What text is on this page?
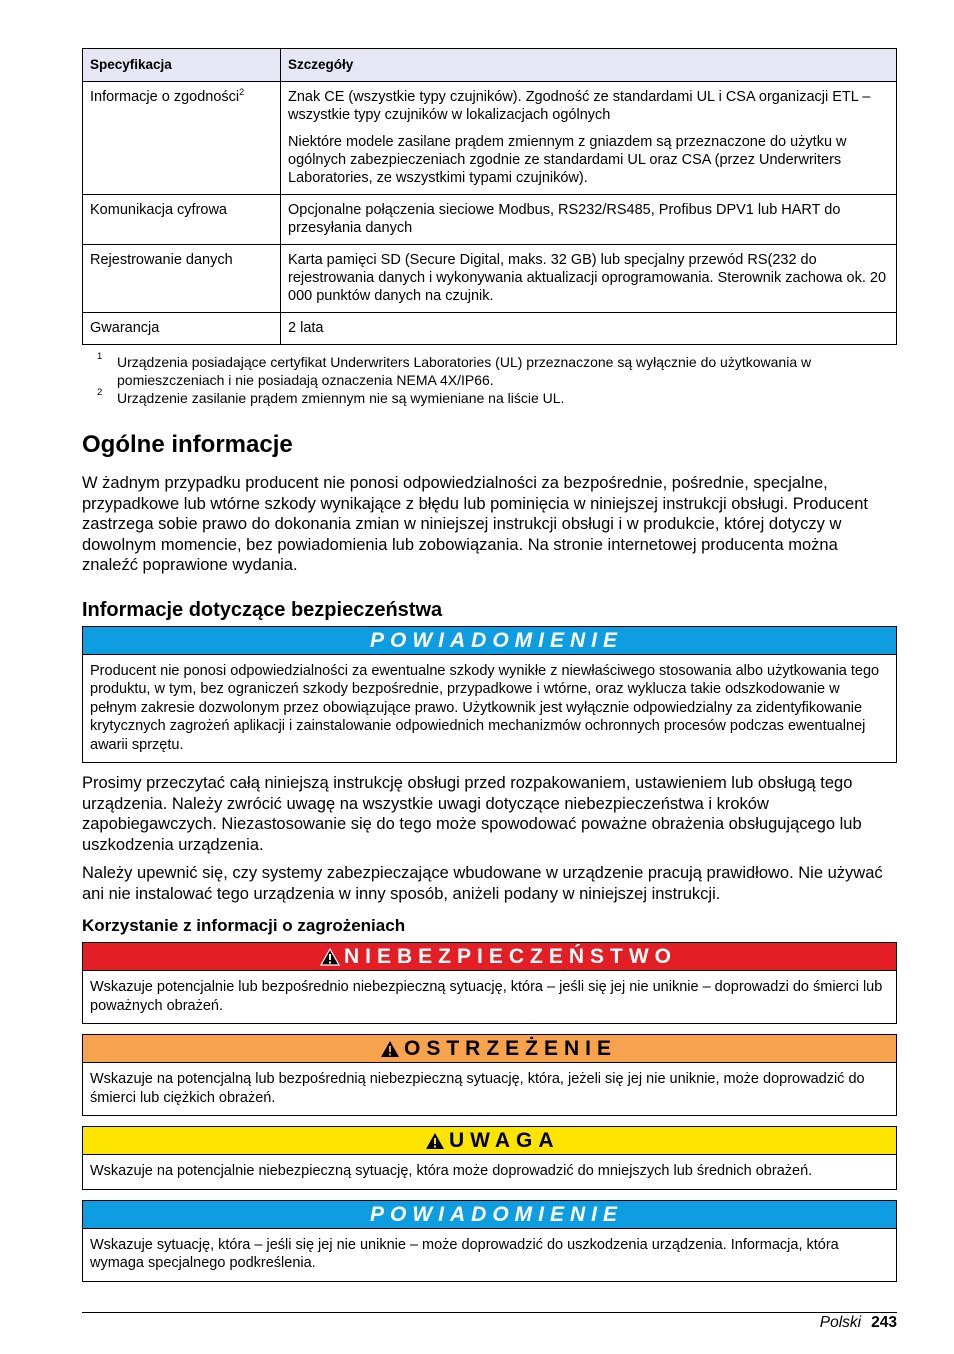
Specyfikacja	Szczegóły
Informacje o zgodności$^2$	Znak CE (wszystkie typy czujników). Zgodność ze standardami UL i CSA organizacji ETL – wszystkie typy czujników w lokalizacjach ogólnych

Niektóre modele zasilane prądem zmiennym z gniazdem są przeznaczone do użytku w ogólnych zabezpieczeniach zgodnie ze standardami UL oraz CSA (przez Underwriters Laboratories, ze wszystkimi typami czujników).

Komunikacja cyfrowa	Opcjonalne połączenia sieciowe Modbus, RS232/RS485, Profibus DPV1 lub HART do przesyłania danych

Rejestrowanie danych	Karta pamięci SD (Secure Digital, maks. 32 GB) lub specjalny przewód RS(232 do rejestrowania danych i wykonywania aktualizacji oprogramowania. Sterownik zachowa ok. 20 000 punktów danych na czujnik.

Gwarancja	2 lata

1 Urządzenia posiadające certyfikat Underwriters Laboratories (UL) przeznaczone są wyłącznie do użytkowania w pomieszczeniach i nie posiadają oznaczenia NEMA 4X/IP66.
2 Urządzenie zasilanie prądem zmiennym nie są wymieniane na liście UL.
Ogólne informacje

W żadnym przypadku producent nie ponosi odpowiedzialności za bezpośrednie, pośrednie, specjalne, przypadkowe lub wtórne szkody wynikające z błędu lub pominięcia w niniejszej instrukcji obsługi. Producent zastrzega sobie prawo do dokonania zmian w niniejszej instrukcji obsługi i w produkcie, której dotyczy w dowolnym momencie, bez powiadomienia lub zobowiązania. Na stronie internetowej producenta można znaleźć poprawione wydania.

Informacje dotyczące bezpieczeństwa
POWIADOMIENIE
Producent nie ponosi odpowiedzialności za ewentualne szkody wynikłe z niewłaściwego stosowania albo użytkowania tego produktu, w tym, bez ograniczeń szkody bezpośrednie, przypadkowe i wtórne, oraz wyklucza takie odszkodowanie w pełnym zakresie dozwolonym przez obowiązujące prawo. Użytkownik jest wyłącznie odpowiedzialny za zidentyfikowanie krytycznych zagrożeń aplikacji i zainstalowanie odpowiednich mechanizmów ochronnych procesów podczas ewentualnej awarii sprzętu.

Prosimy przeczytać całą niniejszą instrukcję obsługi przed rozpakowaniem, ustawieniem lub obsługą tego urządzenia. Należy zwrócić uwagę na wszystkie uwagi dotyczące niebezpieczeństwa i kroków zapobiegawczych. Niezastosowanie się do tego może spowodować poważne obrażenia obsługującego lub uszkodzenia urządzenia.

Należy upewnić się, czy systemy zabezpieczające wbudowane w urządzenie pracują prawidłowo. Nie używać ani nie instalować tego urządzenia w inny sposób, aniżeli podany w niniejszej instrukcji.

Korzystanie z informacji o zagrożeniach
NIEBEZPIECZEŃSTWO
Wskazuje potencjalnie lub bezpośrednio niebezpieczną sytuację, która – jeśli się jej nie uniknie – doprowadzi do śmierci lub poważnych obrażeń.
OSTRZEŻENIE
Wskazuje na potencjalną lub bezpośrednią niebezpieczną sytuację, która, jeżeli się jej nie uniknie, może doprowadzić do śmierci lub ciężkich obrażeń.
UWAGA
Wskazuje na potencjalnie niebezpieczną sytuację, która może doprowadzić do mniejszych lub średnich obrażeń.
POWIADOMIENIE
Wskazuje sytuację, która – jeśli się jej nie uniknie – może doprowadzić do uszkodzenia urządzenia. Informacja, która wymaga specjalnego podkreślenia.
Polski 243
